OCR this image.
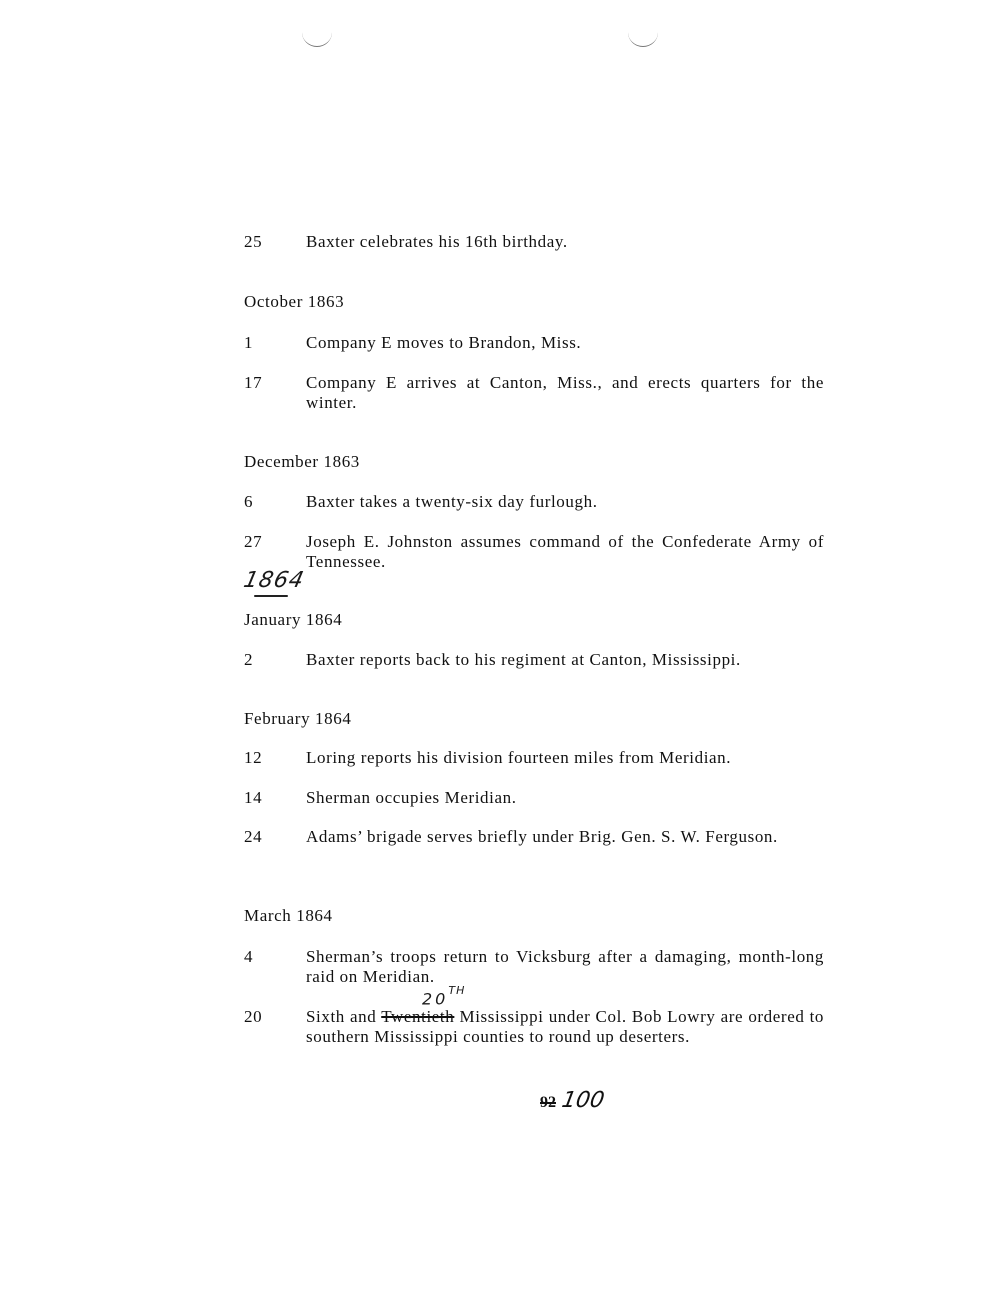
25	Baxter celebrates his 16th birthday.
October 1863
1	Company E moves to Brandon, Miss.
17	Company E arrives at Canton, Miss., and erects quarters for the winter.
December 1863
6	Baxter takes a twenty-six day furlough.
27	Joseph E. Johnston assumes command of the Confederate Army of Tennessee.
1864
January 1864
2	Baxter reports back to his regiment at Canton, Mississippi.
February 1864
12	Loring reports his division fourteen miles from Meridian.
14	Sherman occupies Meridian.
24	Adams’ brigade serves briefly under Brig. Gen. S. W. Ferguson.
March 1864
4	Sherman’s troops return to Vicksburg after a damaging, month-long raid on Meridian.
20TH
20	Sixth and Twentieth Mississippi under Col. Bob Lowry are ordered to southern Mississippi counties to round up deserters.
92 100
